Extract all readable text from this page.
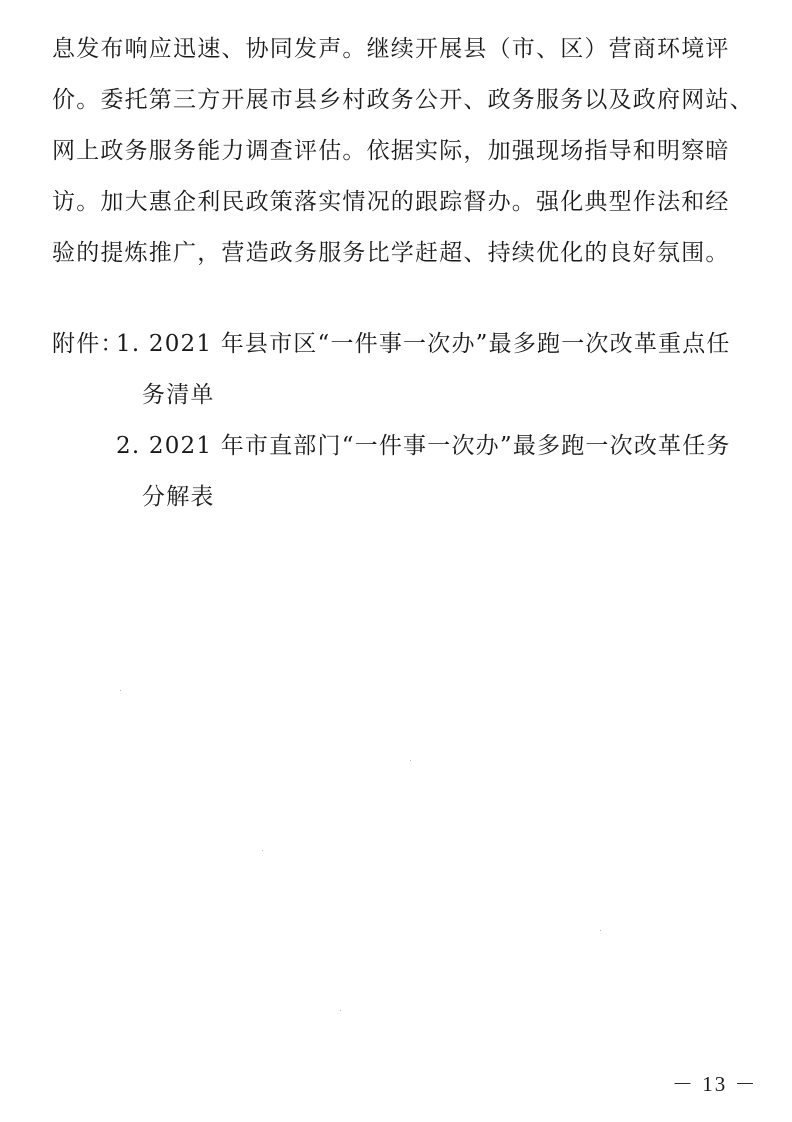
息发布响应迅速、协同发声。继续开展县（市、区）营商环境评
价。委托第三方开展市县乡村政务公开、政务服务以及政府网站、
网上政务服务能力调查评估。依据实际，加强现场指导和明察暗
访。加大惠企利民政策落实情况的跟踪督办。强化典型作法和经
验的提炼推广，营造政务服务比学赶超、持续优化的良好氛围。
附件：
1. 2021 年县市区“一件事一次办”最多跑一次改革重点任
务清单
2. 2021 年市直部门“一件事一次办”最多跑一次改革任务
分解表
－ 13 －
